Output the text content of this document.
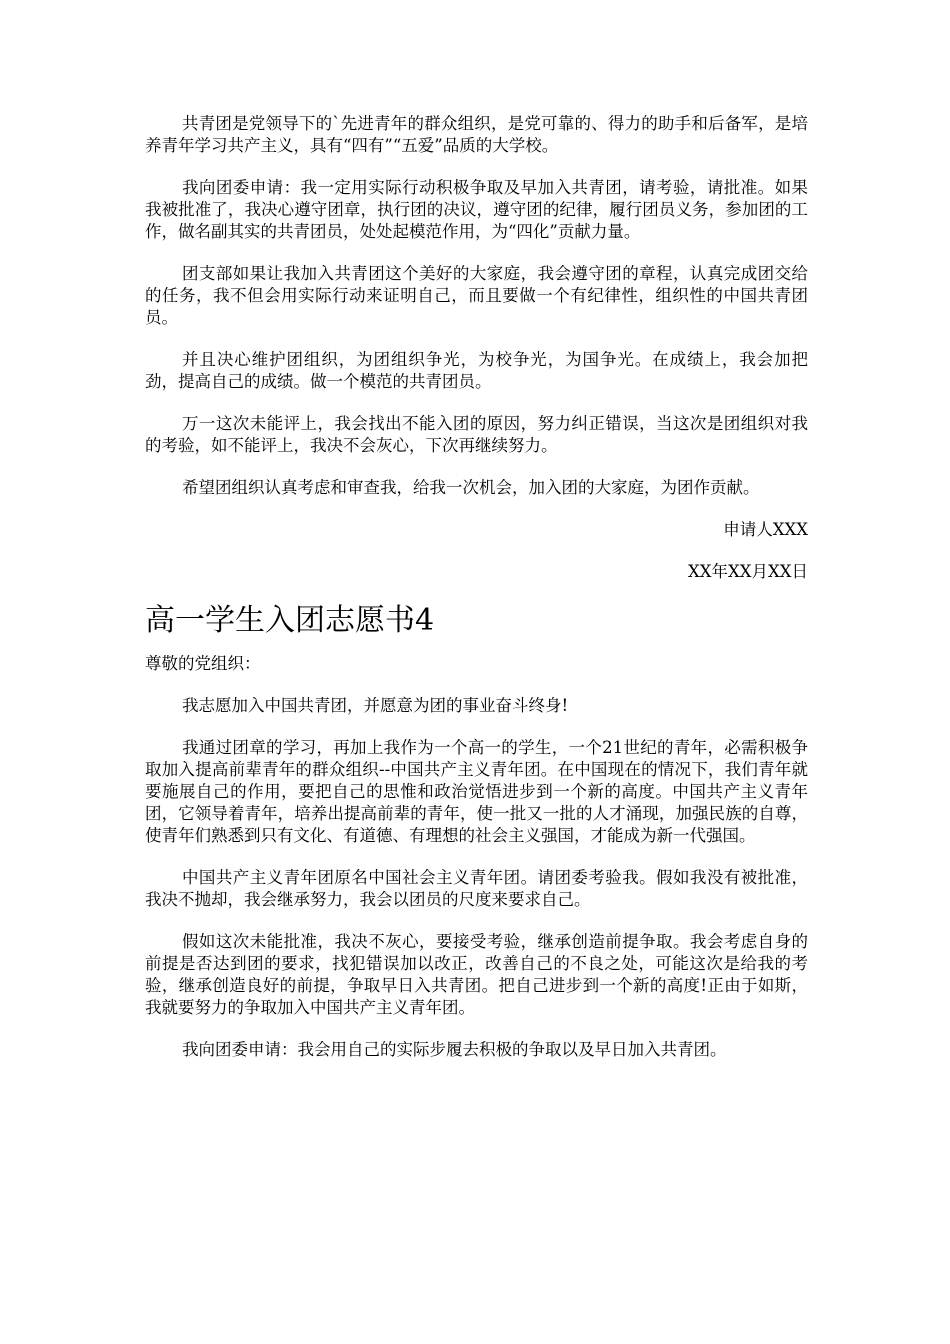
共青团是党领导下的`先进青年的群众组织，是党可靠的、得力的助手和后备军，是培养青年学习共产主义，具有“四有”“五爱”品质的大学校。

我向团委申请：我一定用实际行动积极争取及早加入共青团，请考验，请批准。如果我被批准了，我决心遵守团章，执行团的决议，遵守团的纪律，履行团员义务，参加团的工作，做名副其实的共青团员，处处起模范作用，为“四化”贡献力量。

团支部如果让我加入共青团这个美好的大家庭，我会遵守团的章程，认真完成团交给的任务，我不但会用实际行动来证明自己，而且要做一个有纪律性，组织性的中国共青团员。

并且决心维护团组织，为团组织争光，为校争光，为国争光。在成绩上，我会加把劲，提高自己的成绩。做一个模范的共青团员。

万一这次未能评上，我会找出不能入团的原因，努力纠正错误，当这次是团组织对我的考验，如不能评上，我决不会灰心，下次再继续努力。

希望团组织认真考虑和审查我，给我一次机会，加入团的大家庭，为团作贡献。

申请人XXX

XX年XX月XX日

高一学生入团志愿书4

尊敬的党组织：

我志愿加入中国共青团，并愿意为团的事业奋斗终身!

我通过团章的学习，再加上我作为一个高一的学生，一个21世纪的青年，必需积极争取加入提高前辈青年的群众组织--中国共产主义青年团。在中国现在的情况下，我们青年就要施展自己的作用，要把自己的思惟和政治觉悟进步到一个新的高度。中国共产主义青年团，它领导着青年，培养出提高前辈的青年，使一批又一批的人才涌现，加强民族的自尊，使青年们熟悉到只有文化、有道德、有理想的社会主义强国，才能成为新一代强国。

中国共产主义青年团原名中国社会主义青年团。请团委考验我。假如我没有被批准，我决不抛却，我会继承努力，我会以团员的尺度来要求自己。

假如这次未能批准，我决不灰心，要接受考验，继承创造前提争取。我会考虑自身的前提是否达到团的要求，找犯错误加以改正，改善自己的不良之处，可能这次是给我的考验，继承创造良好的前提，争取早日入共青团。把自己进步到一个新的高度!正由于如斯，我就要努力的争取加入中国共产主义青年团。

我向团委申请：我会用自己的实际步履去积极的争取以及早日加入共青团。
